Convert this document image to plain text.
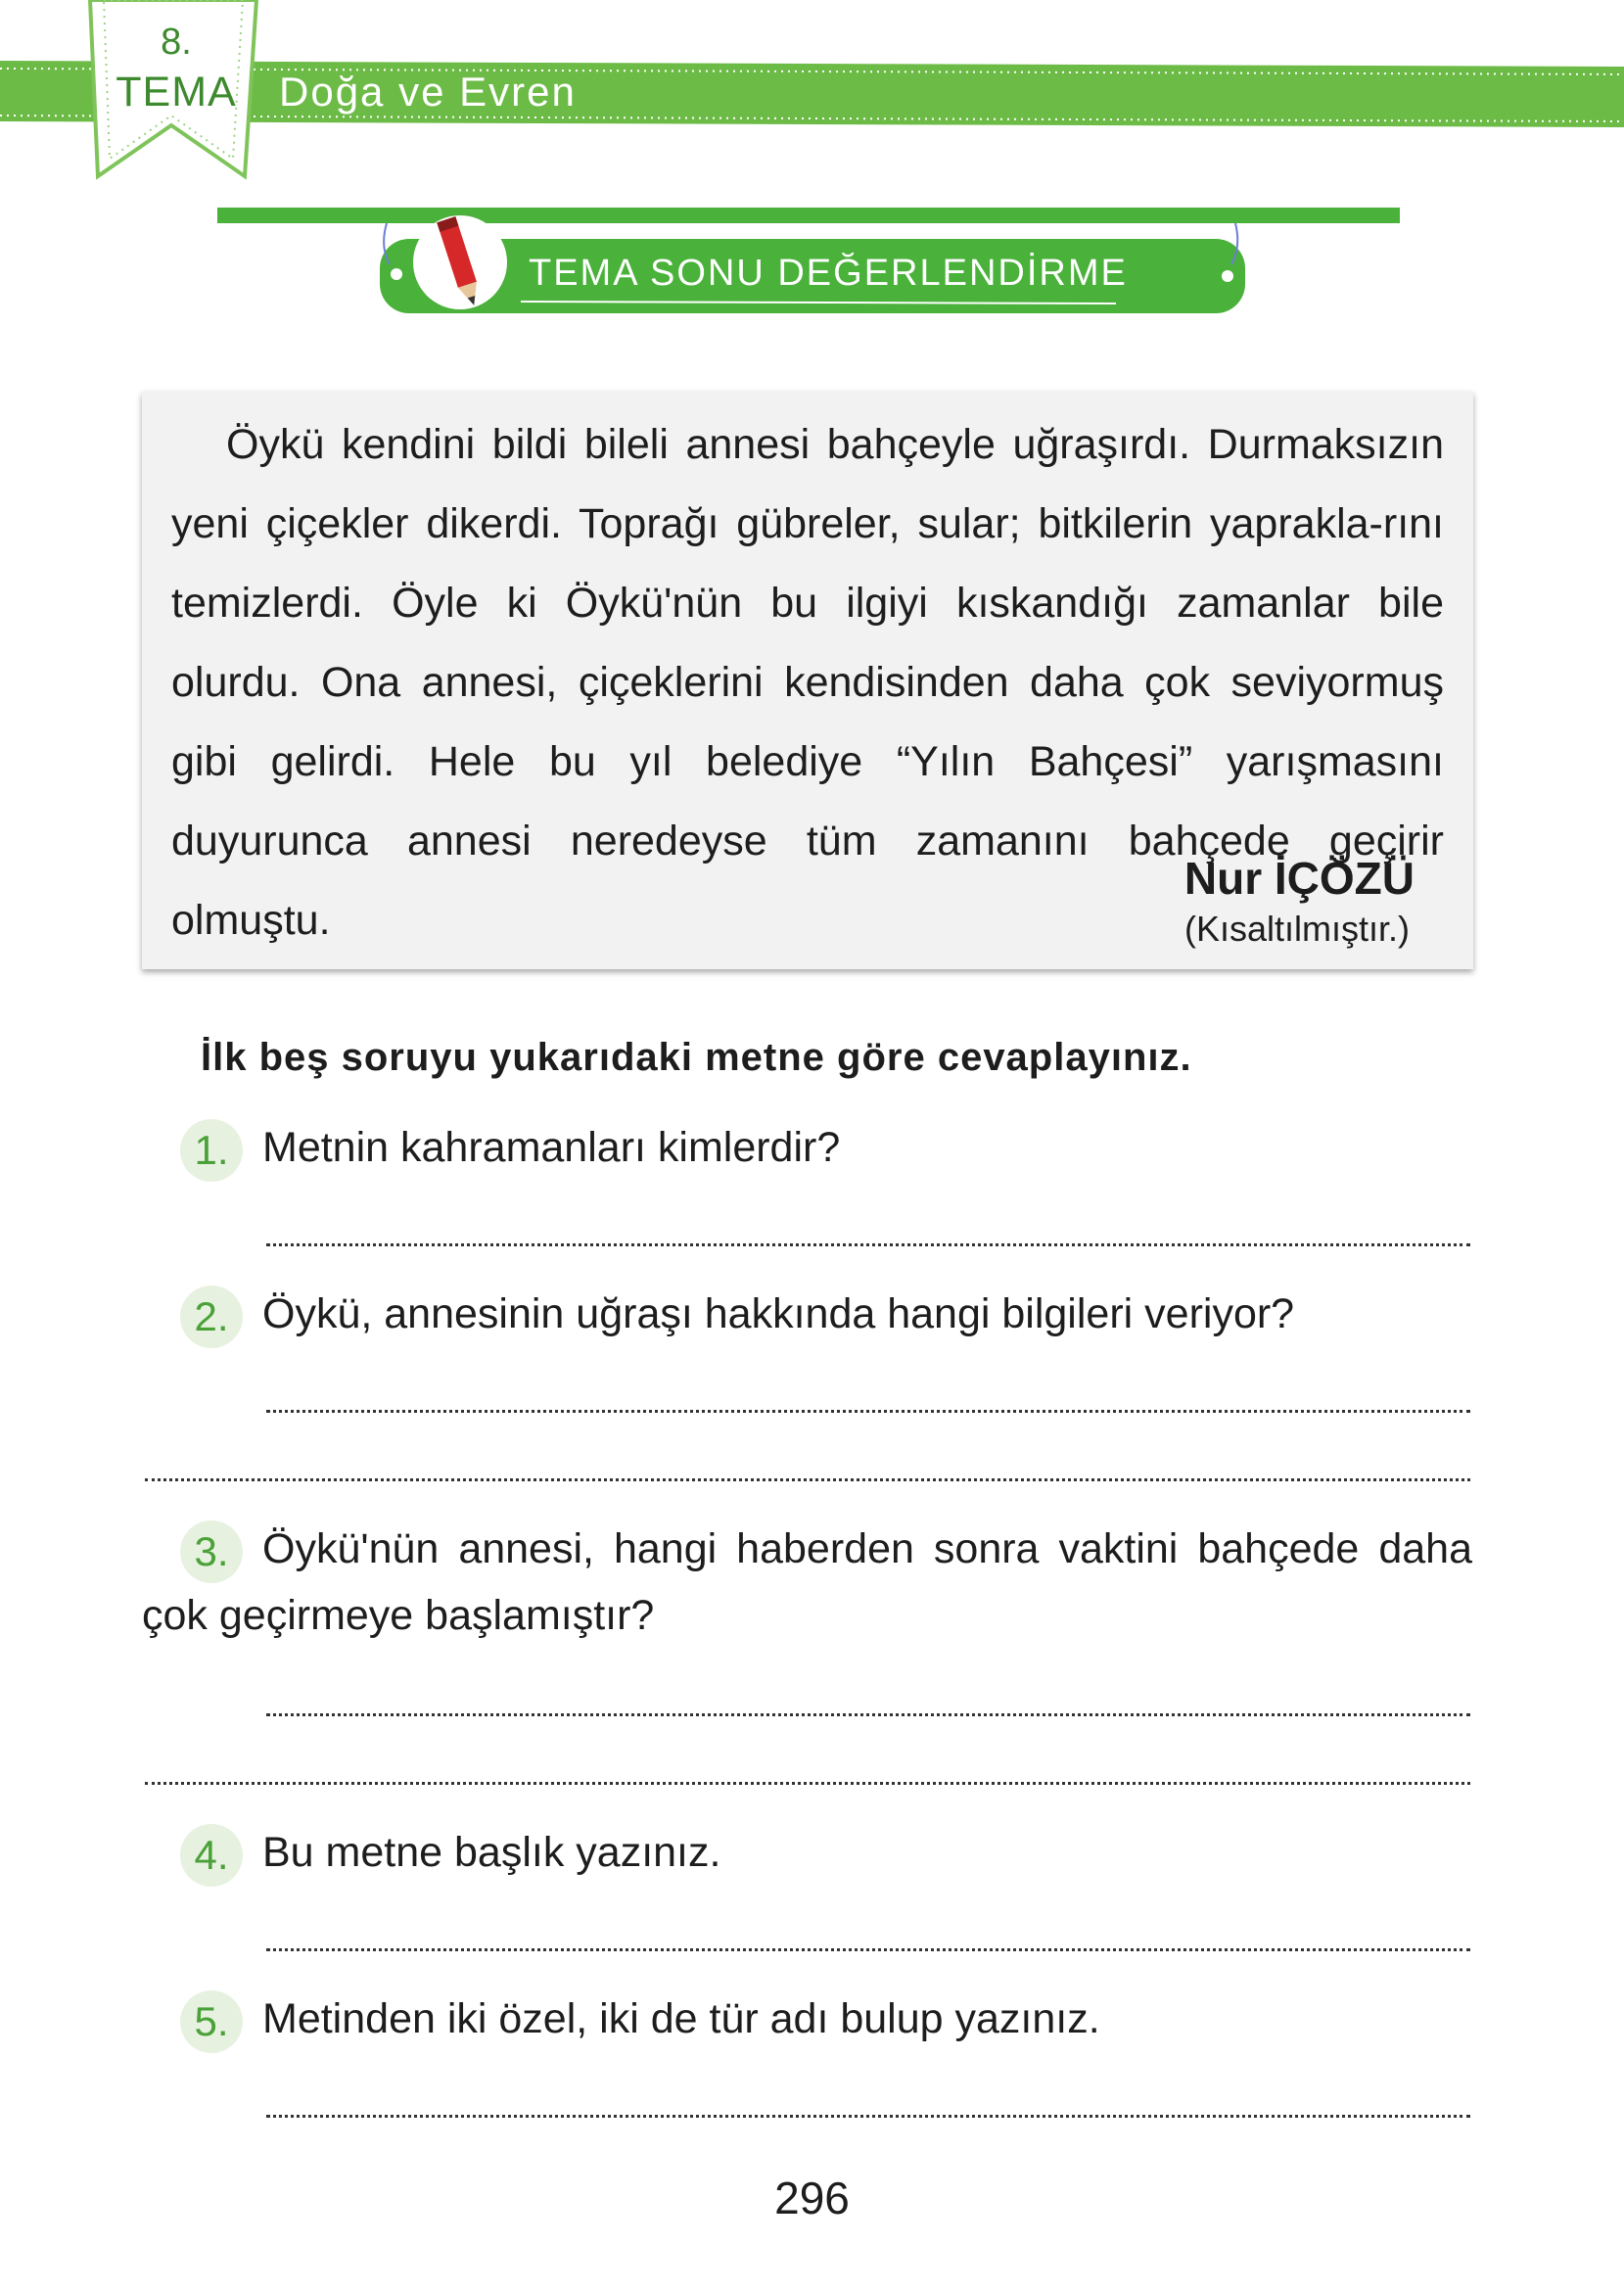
8.
TEMA Doğa ve Evren
TEMA SONU DEĞERLENDİRME

Öykü kendini bildi bileli annesi bahçeyle uğraşırdı. Durmaksızın yeni çiçekler dikerdi. Toprağı gübreler, sular; bitkilerin yaprakla-rını temizlerdi. Öyle ki Öykü'nün bu ilgiyi kıskandığı zamanlar bile olurdu. Ona annesi, çiçeklerini kendisinden daha çok seviyormuş gibi gelirdi. Hele bu yıl belediye “Yılın Bahçesi” yarışmasını duyurunca annesi neredeyse tüm zamanını bahçede geçirir olmuştu.

Nur İÇÖZÜ
(Kısaltılmıştır.)
İlk beş soruyu yukarıdaki metne göre cevaplayınız.
1. Metnin kahramanları kimlerdir?
2. Öykü, annesinin uğraşı hakkında hangi bilgileri veriyor?
3. Öykü'nün annesi, hangi haberden sonra vaktini bahçede daha
çok geçirmeye başlamıştır?
4. Bu metne başlık yazınız.
5. Metinden iki özel, iki de tür adı bulup yazınız.
296
